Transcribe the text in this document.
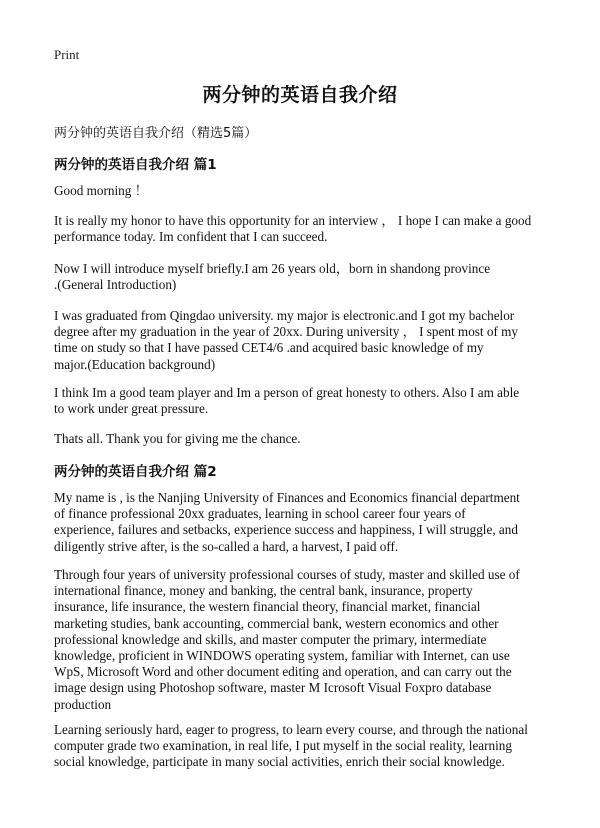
Print
两分钟的英语自我介绍
两分钟的英语自我介绍（精选5篇）
两分钟的英语自我介绍 篇1
Good morning ！
It is really my honor to have this opportunity for an interview ， I hope I can make a good
performance today. Im confident that I can succeed.
Now I will introduce myself briefly.I am 26 years old，born in shandong province
.(General Introduction)
I was graduated from Qingdao university. my major is electronic.and I got my bachelor
degree after my graduation in the year of 20xx. During university ， I spent most of my
time on study so that I have passed CET4/6 .and acquired basic knowledge of my
major.(Education background)
I think Im a good team player and Im a person of great honesty to others. Also I am able
to work under great pressure.
Thats all. Thank you for giving me the chance.
两分钟的英语自我介绍 篇2
My name is , is the Nanjing University of Finances and Economics financial department
of finance professional 20xx graduates, learning in school career four years of
experience, failures and setbacks, experience success and happiness, I will struggle, and
diligently strive after, is the so-called a hard, a harvest, I paid off.
Through four years of university professional courses of study, master and skilled use of
international finance, money and banking, the central bank, insurance, property
insurance, life insurance, the western financial theory, financial market, financial
marketing studies, bank accounting, commercial bank, western economics and other
professional knowledge and skills, and master computer the primary, intermediate
knowledge, proficient in WINDOWS operating system, familiar with Internet, can use
WpS, Microsoft Word and other document editing and operation, and can carry out the
image design using Photoshop software, master M Icrosoft Visual Foxpro database
production
Learning seriously hard, eager to progress, to learn every course, and through the national
computer grade two examination, in real life, I put myself in the social reality, learning
social knowledge, participate in many social activities, enrich their social knowledge.
